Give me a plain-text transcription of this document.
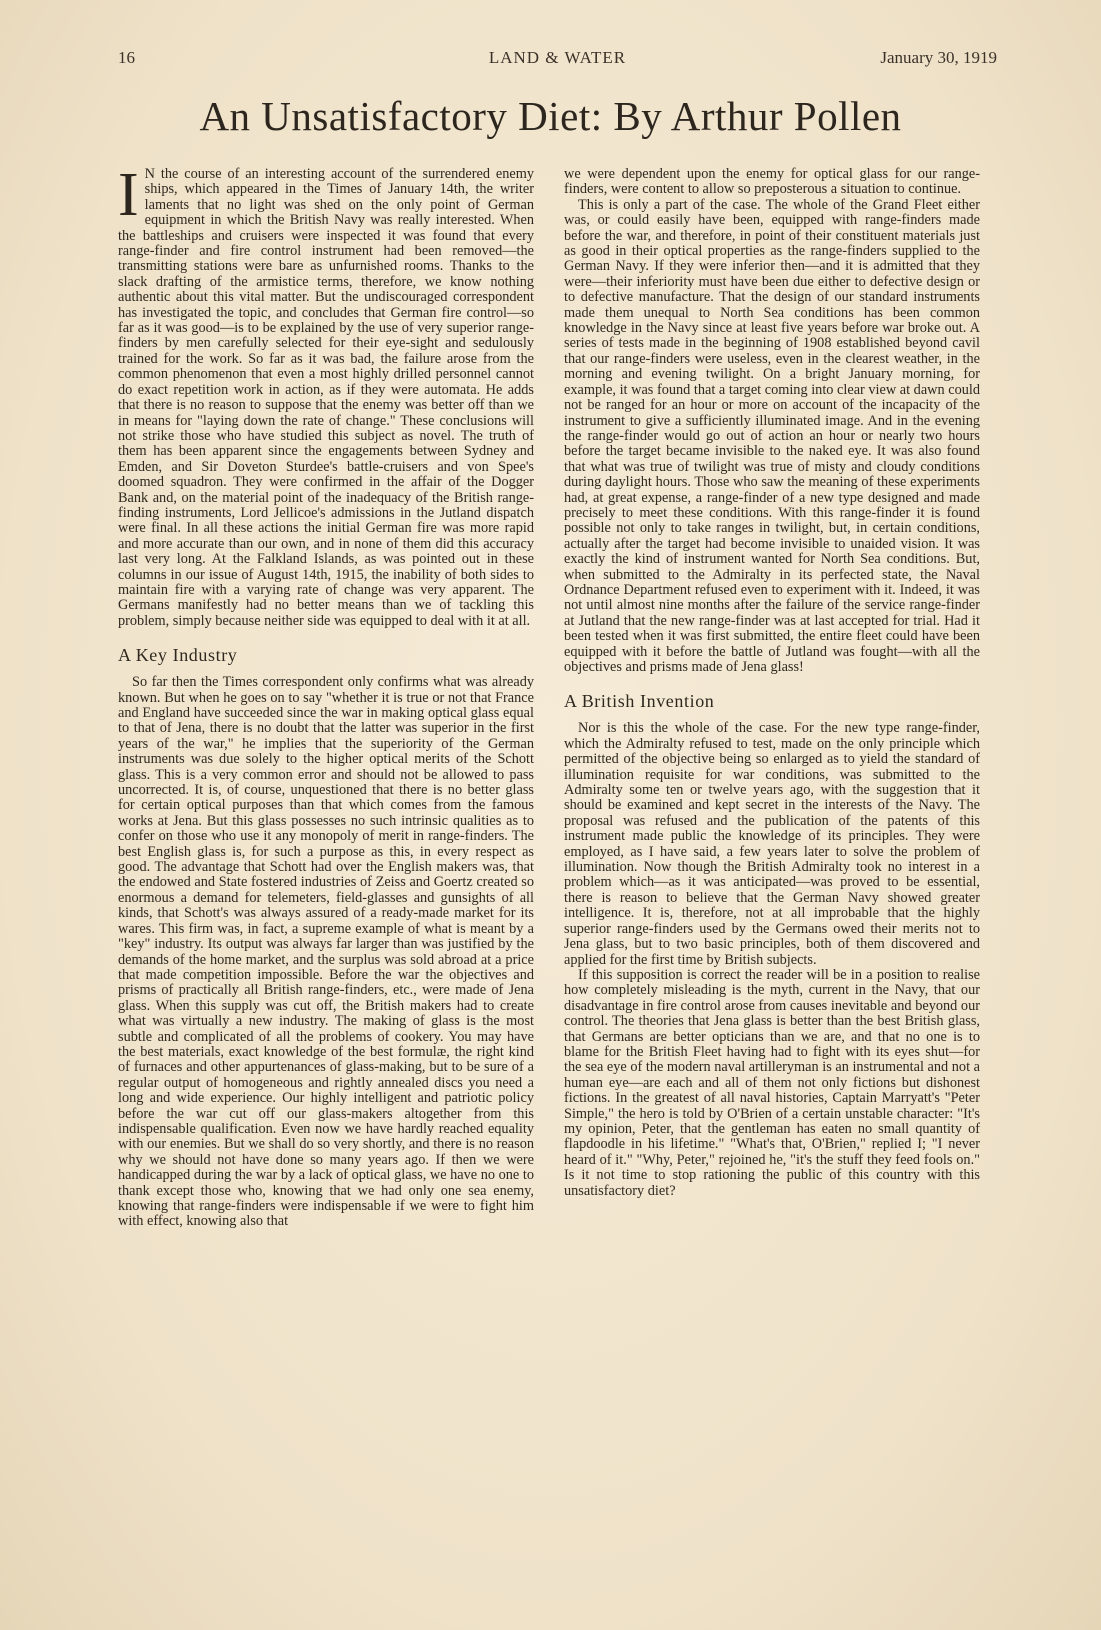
16	LAND & WATER	January 30, 1919
An Unsatisfactory Diet: By Arthur Pollen

I N the course of an interesting account of the surrendered enemy ships, which appeared in the Times of January 14th, the writer laments that no light was shed on the only point of German equipment in which the British Navy was really interested. When the battleships and cruisers were inspected it was found that every range-finder and fire control instrument had been removed—the transmitting stations were bare as unfurnished rooms. Thanks to the slack drafting of the armistice terms, therefore, we know nothing authentic about this vital matter. But the undiscouraged correspondent has investigated the topic, and concludes that German fire control—so far as it was good—is to be explained by the use of very superior range-finders by men carefully selected for their eye-sight and sedulously trained for the work. So far as it was bad, the failure arose from the common phenomenon that even a most highly drilled personnel cannot do exact repetition work in action, as if they were automata. He adds that there is no reason to suppose that the enemy was better off than we in means for "laying down the rate of change." These conclusions will not strike those who have studied this subject as novel. The truth of them has been apparent since the engagements between Sydney and Emden, and Sir Doveton Sturdee's battle-cruisers and von Spee's doomed squadron. They were confirmed in the affair of the Dogger Bank and, on the material point of the inadequacy of the British range-finding instruments, Lord Jellicoe's admissions in the Jutland dispatch were final. In all these actions the initial German fire was more rapid and more accurate than our own, and in none of them did this accuracy last very long. At the Falkland Islands, as was pointed out in these columns in our issue of August 14th, 1915, the inability of both sides to maintain fire with a varying rate of change was very apparent. The Germans manifestly had no better means than we of tackling this problem, simply because neither side was equipped to deal with it at all.

A Key Industry

So far then the Times correspondent only confirms what was already known. But when he goes on to say "whether it is true or not that France and England have succeeded since the war in making optical glass equal to that of Jena, there is no doubt that the latter was superior in the first years of the war," he implies that the superiority of the German instruments was due solely to the higher optical merits of the Schott glass. This is a very common error and should not be allowed to pass uncorrected. It is, of course, unquestioned that there is no better glass for certain optical purposes than that which comes from the famous works at Jena. But this glass possesses no such intrinsic qualities as to confer on those who use it any monopoly of merit in range-finders. The best English glass is, for such a purpose as this, in every respect as good. The advantage that Schott had over the English makers was, that the endowed and State fostered industries of Zeiss and Goertz created so enormous a demand for telemeters, field-glasses and gunsights of all kinds, that Schott's was always assured of a ready-made market for its wares. This firm was, in fact, a supreme example of what is meant by a "key" industry. Its output was always far larger than was justified by the demands of the home market, and the surplus was sold abroad at a price that made competition impossible. Before the war the objectives and prisms of practically all British range-finders, etc., were made of Jena glass. When this supply was cut off, the British makers had to create what was virtually a new industry. The making of glass is the most subtle and complicated of all the problems of cookery. You may have the best materials, exact knowledge of the best formulæ, the right kind of furnaces and other appurtenances of glass-making, but to be sure of a regular output of homogeneous and rightly annealed discs you need a long and wide experience. Our highly intelligent and patriotic policy before the war cut off our glass-makers altogether from this indispensable qualification. Even now we have hardly reached equality with our enemies. But we shall do so very shortly, and there is no reason why we should not have done so many years ago. If then we were handicapped during the war by a lack of optical glass, we have no one to thank except those who, knowing that we had only one sea enemy, knowing that range-finders were indispensable if we were to fight him with effect, knowing also that

we were dependent upon the enemy for optical glass for our range-finders, were content to allow so preposterous a situation to continue.

This is only a part of the case. The whole of the Grand Fleet either was, or could easily have been, equipped with range-finders made before the war, and therefore, in point of their constituent materials just as good in their optical properties as the range-finders supplied to the German Navy. If they were inferior then—and it is admitted that they were—their inferiority must have been due either to defective design or to defective manufacture. That the design of our standard instruments made them unequal to North Sea conditions has been common knowledge in the Navy since at least five years before war broke out. A series of tests made in the beginning of 1908 established beyond cavil that our range-finders were useless, even in the clearest weather, in the morning and evening twilight. On a bright January morning, for example, it was found that a target coming into clear view at dawn could not be ranged for an hour or more on account of the incapacity of the instrument to give a sufficiently illuminated image. And in the evening the range-finder would go out of action an hour or nearly two hours before the target became invisible to the naked eye. It was also found that what was true of twilight was true of misty and cloudy conditions during daylight hours. Those who saw the meaning of these experiments had, at great expense, a range-finder of a new type designed and made precisely to meet these conditions. With this range-finder it is found possible not only to take ranges in twilight, but, in certain conditions, actually after the target had become invisible to unaided vision. It was exactly the kind of instrument wanted for North Sea conditions. But, when submitted to the Admiralty in its perfected state, the Naval Ordnance Department refused even to experiment with it. Indeed, it was not until almost nine months after the failure of the service range-finder at Jutland that the new range-finder was at last accepted for trial. Had it been tested when it was first submitted, the entire fleet could have been equipped with it before the battle of Jutland was fought—with all the objectives and prisms made of Jena glass!

A British Invention

Nor is this the whole of the case. For the new type range-finder, which the Admiralty refused to test, made on the only principle which permitted of the objective being so enlarged as to yield the standard of illumination requisite for war conditions, was submitted to the Admiralty some ten or twelve years ago, with the suggestion that it should be examined and kept secret in the interests of the Navy. The proposal was refused and the publication of the patents of this instrument made public the knowledge of its principles. They were employed, as I have said, a few years later to solve the problem of illumination. Now though the British Admiralty took no interest in a problem which—as it was anticipated—was proved to be essential, there is reason to believe that the German Navy showed greater intelligence. It is, therefore, not at all improbable that the highly superior range-finders used by the Germans owed their merits not to Jena glass, but to two basic principles, both of them discovered and applied for the first time by British subjects.

If this supposition is correct the reader will be in a position to realise how completely misleading is the myth, current in the Navy, that our disadvantage in fire control arose from causes inevitable and beyond our control. The theories that Jena glass is better than the best British glass, that Germans are better opticians than we are, and that no one is to blame for the British Fleet having had to fight with its eyes shut—for the sea eye of the modern naval artilleryman is an instrumental and not a human eye—are each and all of them not only fictions but dishonest fictions. In the greatest of all naval histories, Captain Marryatt's "Peter Simple," the hero is told by O'Brien of a certain unstable character: "It's my opinion, Peter, that the gentleman has eaten no small quantity of flapdoodle in his lifetime." "What's that, O'Brien," replied I; "I never heard of it." "Why, Peter," rejoined he, "it's the stuff they feed fools on." Is it not time to stop rationing the public of this country with this unsatisfactory diet?
